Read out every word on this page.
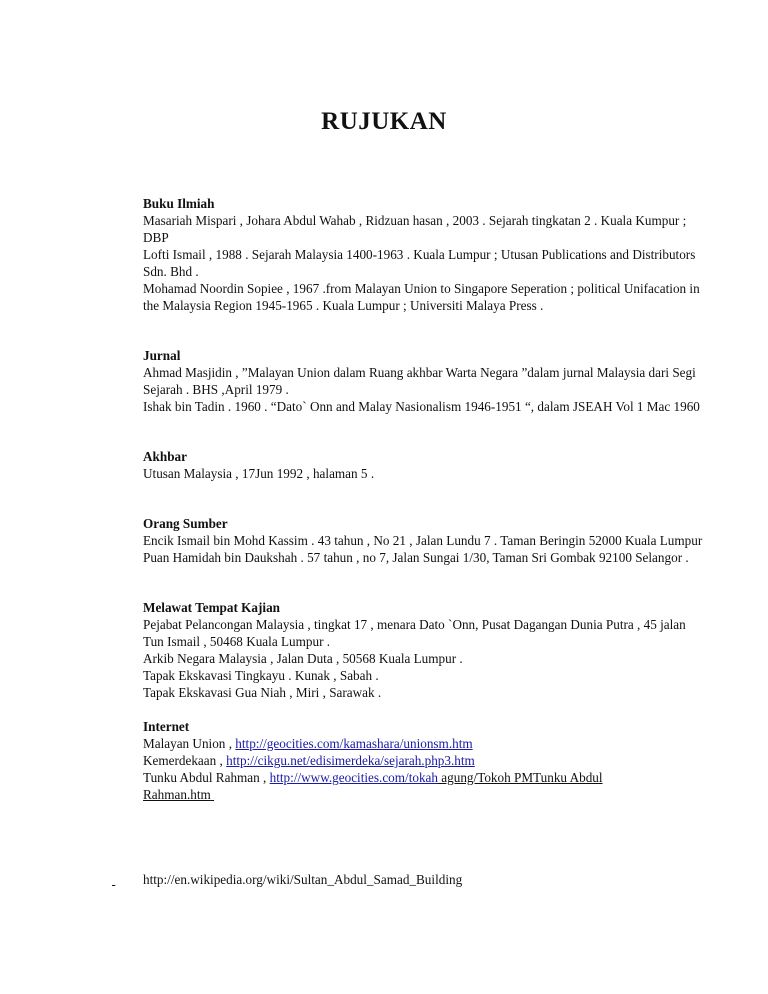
RUJUKAN
Buku Ilmiah
Masariah Mispari , Johara Abdul Wahab , Ridzuan hasan , 2003 . Sejarah tingkatan 2 . Kuala Kumpur ; DBP
Lofti Ismail , 1988 . Sejarah Malaysia 1400-1963 . Kuala Lumpur ; Utusan Publications and Distributors Sdn. Bhd .
Mohamad Noordin Sopiee , 1967 .from Malayan Union to Singapore Seperation ; political Unifacation in the Malaysia Region 1945-1965 . Kuala Lumpur ; Universiti Malaya Press .
Jurnal
Ahmad Masjidin , ”Malayan Union dalam Ruang akhbar Warta Negara ”dalam jurnal Malaysia dari Segi Sejarah . BHS ,April 1979 .
Ishak bin Tadin . 1960 . “Dato` Onn and Malay Nasionalism 1946-1951 “, dalam JSEAH Vol 1 Mac 1960
Akhbar
Utusan Malaysia , 17Jun 1992 , halaman 5 .
Orang Sumber
Encik Ismail bin Mohd Kassim . 43 tahun , No 21 , Jalan Lundu 7 . Taman Beringin 52000 Kuala Lumpur
Puan Hamidah bin Daukshah . 57 tahun , no 7, Jalan Sungai 1/30, Taman Sri Gombak 92100 Selangor .
Melawat Tempat Kajian
Pejabat Pelancongan Malaysia , tingkat 17 , menara Dato `Onn, Pusat Dagangan Dunia Putra , 45 jalan Tun Ismail , 50468 Kuala Lumpur .
Arkib Negara Malaysia , Jalan Duta , 50568 Kuala Lumpur .
Tapak Ekskavasi Tingkayu . Kunak , Sabah .
Tapak Ekskavasi Gua Niah , Miri , Sarawak .
Internet
Malayan Union , http://geocities.com/kamashara/unionsm.htm
Kemerdekaan , http://cikgu.net/edisimerdeka/sejarah.php3.htm
Tunku Abdul Rahman , http://www.geocities.com/tokah agung/Tokoh PMTunku Abdul
Rahman.htm
http://en.wikipedia.org/wiki/Sultan_Abdul_Samad_Building
